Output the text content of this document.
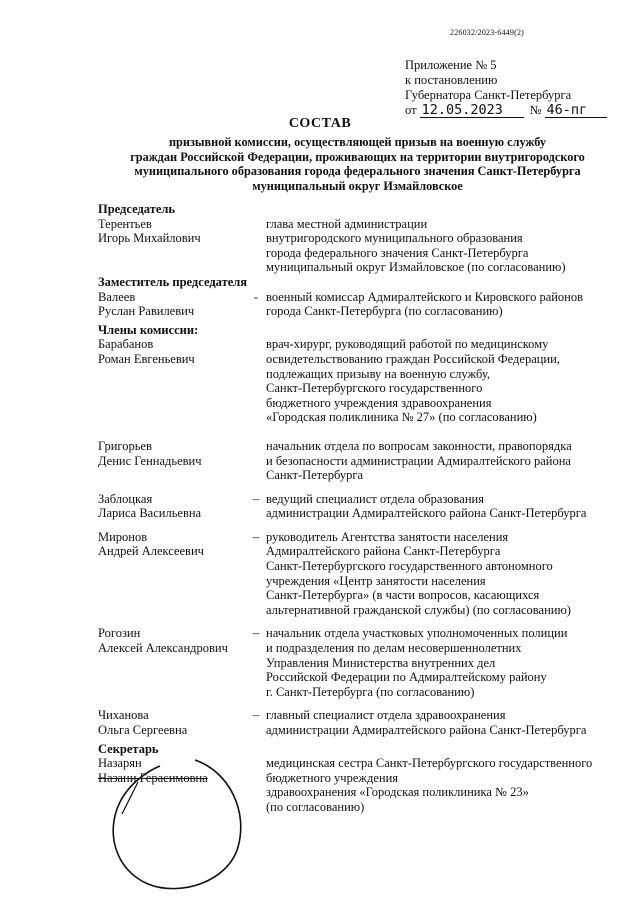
226032/2023-6449(2)
Приложение № 5
к постановлению
Губернатора Санкт-Петербурга
от 12.05.2023	№ 46-пг
СОСТАВ
призывной комиссии, осуществляющей призыв на военную службу
граждан Российской Федерации, проживающих на территории внутригородского
муниципального образования города федерального значения Санкт-Петербурга
муниципальный округ Измайловское
Председатель
Терентьев
Игорь Михайлович
глава местной администрации
внутригородского муниципального образования
города федерального значения Санкт-Петербурга
муниципальный округ Измайловское (по согласованию)
Заместитель председателя
Валеев
Руслан Равилевич
- военный комиссар Адмиралтейского и Кировского районов
города Санкт-Петербурга (по согласованию)
Члены комиссии:
Барабанов
Роман Евгеньевич
врач-хирург, руководящий работой по медицинскому
освидетельствованию граждан Российской Федерации,
подлежащих призыву на военную службу,
Санкт-Петербургского государственного
бюджетного учреждения здравоохранения
«Городская поликлиника № 27» (по согласованию)
Григорьев
Денис Геннадьевич
начальник отдела по вопросам законности, правопорядка
и безопасности администрации Адмиралтейского района
Санкт-Петербурга
Заблоцкая
Лариса Васильевна
– ведущий специалист отдела образования
администрации Адмиралтейского района Санкт-Петербурга
Миронов
Андрей Алексеевич
– руководитель Агентства занятости населения
Адмиралтейского района Санкт-Петербурга
Санкт-Петербургского государственного автономного
учреждения «Центр занятости населения
Санкт-Петербурга» (в части вопросов, касающихся
альтернативной гражданской службы) (по согласованию)
Рогозин
Алексей Александрович
– начальник отдела участковых уполномоченных полиции
и подразделения по делам несовершеннолетних
Управления Министерства внутренних дел
Российской Федерации по Адмиралтейскому району
г. Санкт-Петербурга (по согласованию)
Чиханова
Ольга Сергеевна
– главный специалист отдела здравоохранения
администрации Адмиралтейского района Санкт-Петербурга
Секретарь
Назарян
Назани Герасимовна
медицинская сестра Санкт-Петербургского государственного
бюджетного учреждения
здравоохранения «Городская поликлиника № 23»
(по согласованию)
